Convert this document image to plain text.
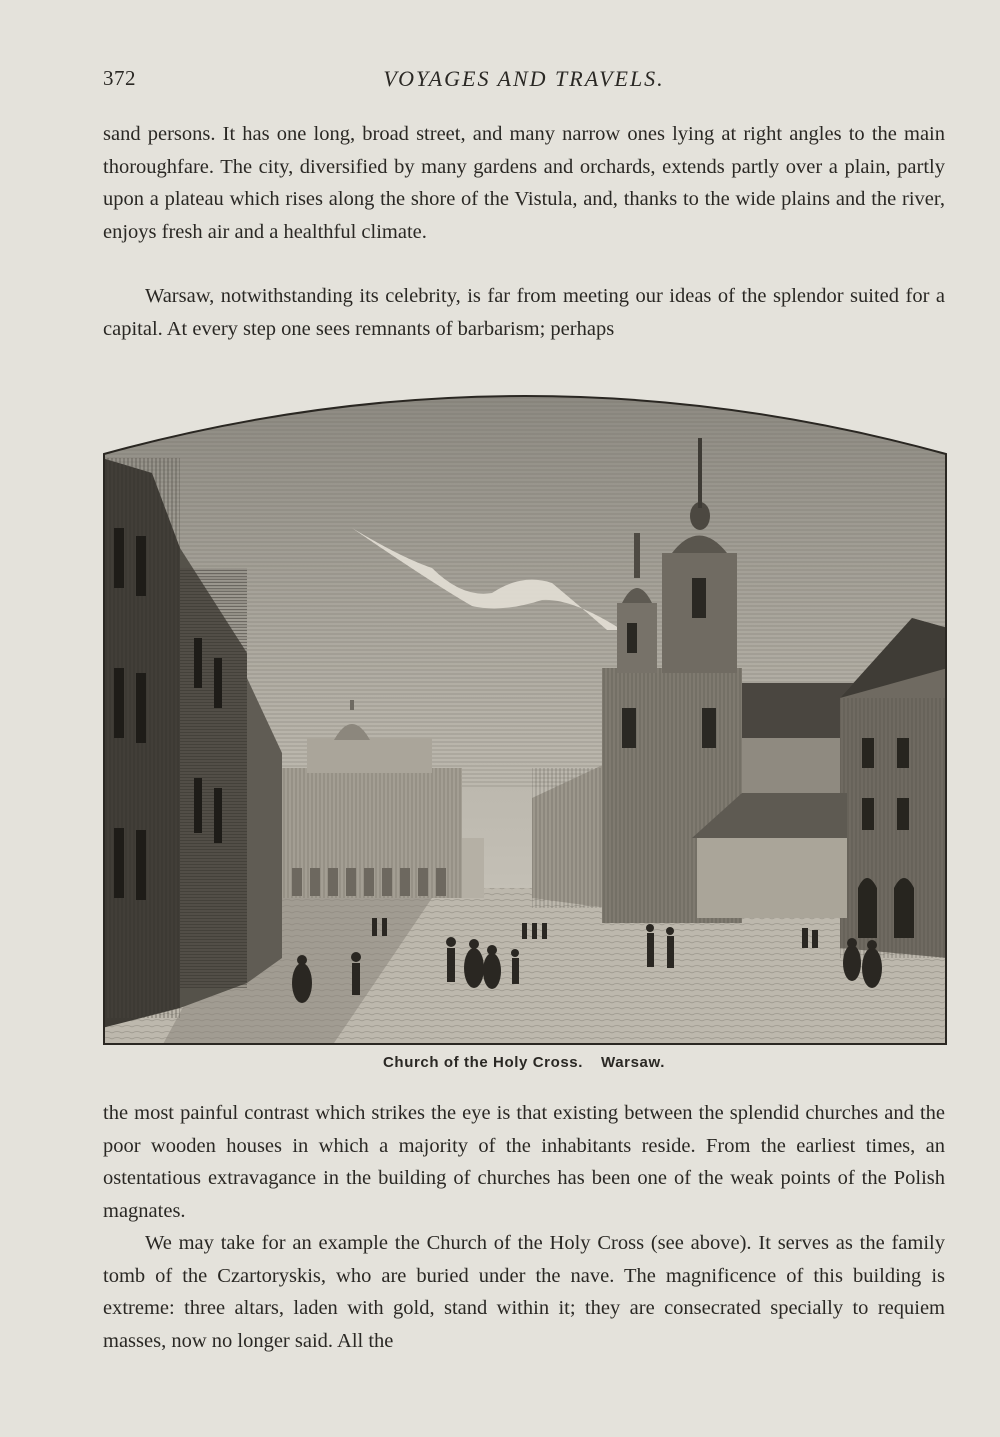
372	VOYAGES AND TRAVELS.

sand persons. It has one long, broad street, and many narrow ones lying at right angles to the main thoroughfare. The city, diversified by many gardens and orchards, extends partly over a plain, partly upon a plateau which rises along the shore of the Vistula, and, thanks to the wide plains and the river, enjoys fresh air and a healthful climate.

Warsaw, notwithstanding its celebrity, is far from meeting our ideas of the splendor suited for a capital. At every step one sees remnants of barbarism; perhaps

Church of the Holy Cross. Warsaw.

the most painful contrast which strikes the eye is that existing between the splendid churches and the poor wooden houses in which a majority of the inhabitants reside. From the earliest times, an ostentatious extravagance in the building of churches has been one of the weak points of the Polish magnates.

We may take for an example the Church of the Holy Cross (see above). It serves as the family tomb of the Czartoryskis, who are buried under the nave. The magnificence of this building is extreme: three altars, laden with gold, stand within it; they are consecrated specially to requiem masses, now no longer said. All the
